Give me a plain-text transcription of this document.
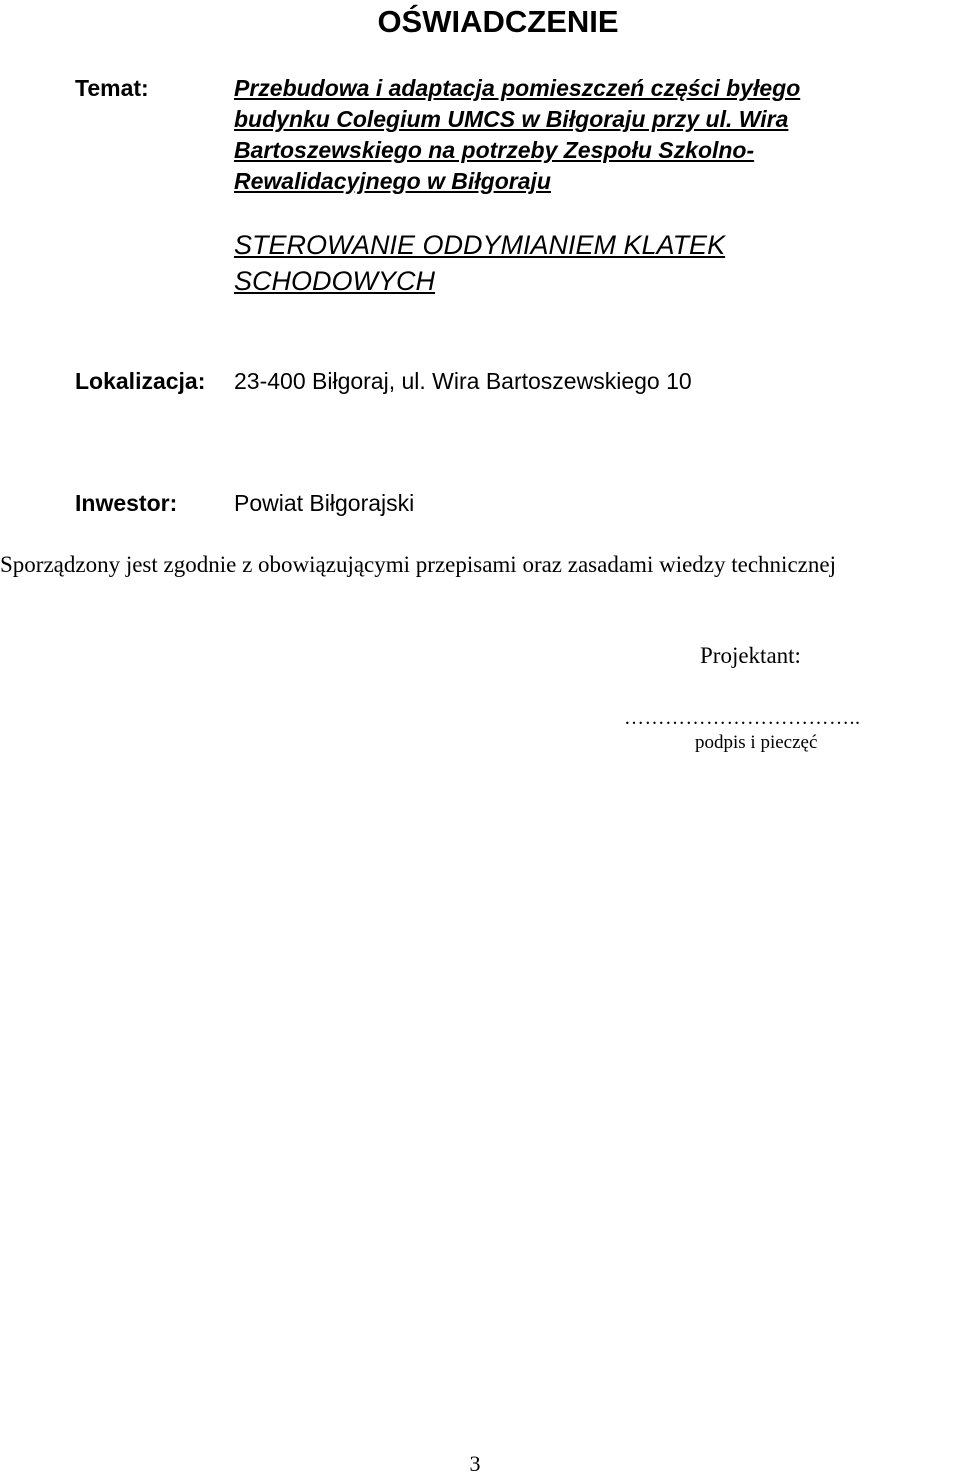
OŚWIADCZENIE
Temat:	Przebudowa i adaptacja pomieszczeń części byłego
budynku Colegium UMCS w Biłgoraju przy ul. Wira
Bartoszewskiego na potrzeby Zespołu Szkolno-
Rewalidacyjnego w Biłgoraju
STEROWANIE ODDYMIANIEM KLATEK
SCHODOWYCH
Lokalizacja: 23-400 Biłgoraj, ul. Wira Bartoszewskiego 10
Inwestor: Powiat Biłgorajski
Sporządzony jest zgodnie z obowiązującymi przepisami oraz zasadami wiedzy technicznej
Projektant:
……………………………..
podpis i pieczęć
3
